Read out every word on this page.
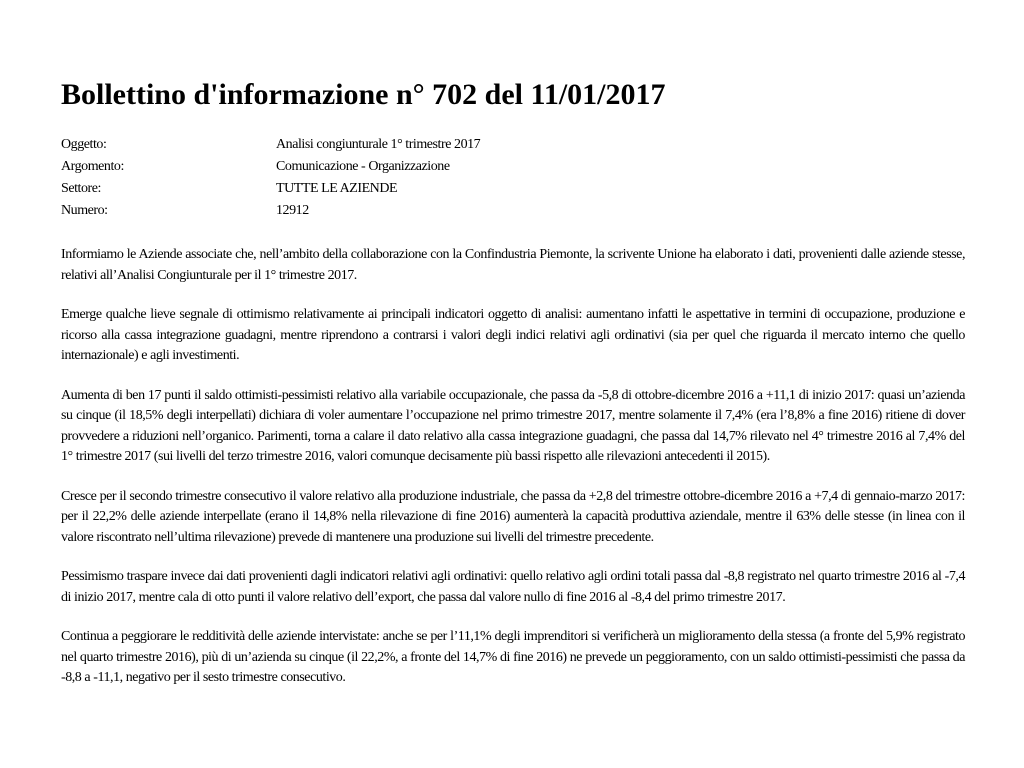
Bollettino d'informazione n° 702 del 11/01/2017
Oggetto:	Analisi congiunturale 1° trimestre 2017
Argomento:	Comunicazione - Organizzazione
Settore:	TUTTE LE AZIENDE
Numero:	12912

Informiamo le Aziende associate che, nell’ambito della collaborazione con la Confindustria Piemonte, la scrivente Unione ha elaborato i dati, provenienti dalle aziende stesse, relativi all’Analisi Congiunturale per il 1° trimestre 2017.

Emerge qualche lieve segnale di ottimismo relativamente ai principali indicatori oggetto di analisi: aumentano infatti le aspettative in termini di occupazione, produzione e ricorso alla cassa integrazione guadagni, mentre riprendono a contrarsi i valori degli indici relativi agli ordinativi (sia per quel che riguarda il mercato interno che quello internazionale) e agli investimenti.

Aumenta di ben 17 punti il saldo ottimisti-pessimisti relativo alla variabile occupazionale, che passa da -5,8 di ottobre-dicembre 2016 a +11,1 di inizio 2017: quasi un’azienda su cinque (il 18,5% degli interpellati) dichiara di voler aumentare l’occupazione nel primo trimestre 2017, mentre solamente il 7,4% (era l’8,8% a fine 2016) ritiene di dover provvedere a riduzioni nell’organico. Parimenti, torna a calare il dato relativo alla cassa integrazione guadagni, che passa dal 14,7% rilevato nel 4° trimestre 2016 al 7,4% del 1° trimestre 2017 (sui livelli del terzo trimestre 2016, valori comunque decisamente più bassi rispetto alle rilevazioni antecedenti il 2015).

Cresce per il secondo trimestre consecutivo il valore relativo alla produzione industriale, che passa da +2,8 del trimestre ottobre-dicembre 2016 a +7,4 di gennaio-marzo 2017: per il 22,2% delle aziende interpellate (erano il 14,8% nella rilevazione di fine 2016) aumenterà la capacità produttiva aziendale, mentre il 63% delle stesse (in linea con il valore riscontrato nell’ultima rilevazione) prevede di mantenere una produzione sui livelli del trimestre precedente.

Pessimismo traspare invece dai dati provenienti dagli indicatori relativi agli ordinativi: quello relativo agli ordini totali passa dal -8,8 registrato nel quarto trimestre 2016 al -7,4 di inizio 2017, mentre cala di otto punti il valore relativo dell’export, che passa dal valore nullo di fine 2016 al -8,4 del primo trimestre 2017.

Continua a peggiorare le redditività delle aziende intervistate: anche se per l’11,1% degli imprenditori si verificherà un miglioramento della stessa (a fronte del 5,9% registrato nel quarto trimestre 2016), più di un’azienda su cinque (il 22,2%, a fronte del 14,7% di fine 2016) ne prevede un peggioramento, con un saldo ottimisti-pessimisti che passa da -8,8 a -11,1, negativo per il sesto trimestre consecutivo.
